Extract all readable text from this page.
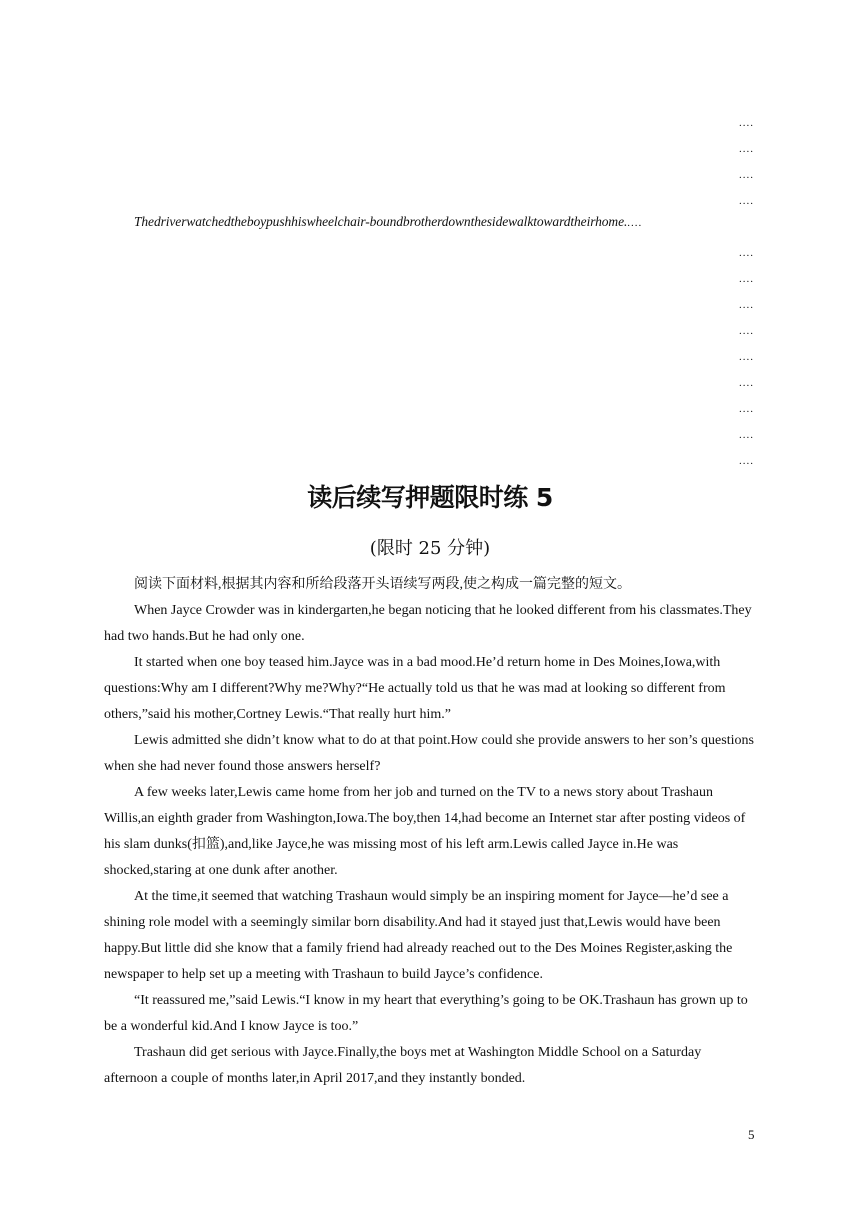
....
....
....
....
....
....
....
....
....
....
....
....
....
Thedriverwatchedtheboypushhiswheelchair-boundbrotherdownthesidewalktowardtheirhome.....
读后续写押题限时练 5
(限时 25 分钟)

阅读下面材料,根据其内容和所给段落开头语续写两段,使之构成一篇完整的短文。

When Jayce Crowder was in kindergarten,he began noticing that he looked different from his classmates.They had two hands.But he had only one.

It started when one boy teased him.Jayce was in a bad mood.He’d return home in Des Moines,Iowa,with questions:Why am I different?Why me?Why?“He actually told us that he was mad at looking so different from others,”said his mother,Cortney Lewis.“That really hurt him.”

Lewis admitted she didn’t know what to do at that point.How could she provide answers to her son’s questions when she had never found those answers herself?

A few weeks later,Lewis came home from her job and turned on the TV to a news story about Trashaun Willis,an eighth grader from Washington,Iowa.The boy,then 14,had become an Internet star after posting videos of his slam dunks(扣篮),and,like Jayce,he was missing most of his left arm.Lewis called Jayce in.He was shocked,staring at one dunk after another.

At the time,it seemed that watching Trashaun would simply be an inspiring moment for Jayce—he’d see a shining role model with a seemingly similar born disability.And had it stayed just that,Lewis would have been happy.But little did she know that a family friend had already reached out to the Des Moines Register,asking the newspaper to help set up a meeting with Trashaun to build Jayce’s confidence.

“It reassured me,”said Lewis.“I know in my heart that everything’s going to be OK.Trashaun has grown up to be a wonderful kid.And I know Jayce is too.”

Trashaun did get serious with Jayce.Finally,the boys met at Washington Middle School on a Saturday afternoon a couple of months later,in April 2017,and they instantly bonded.

5
